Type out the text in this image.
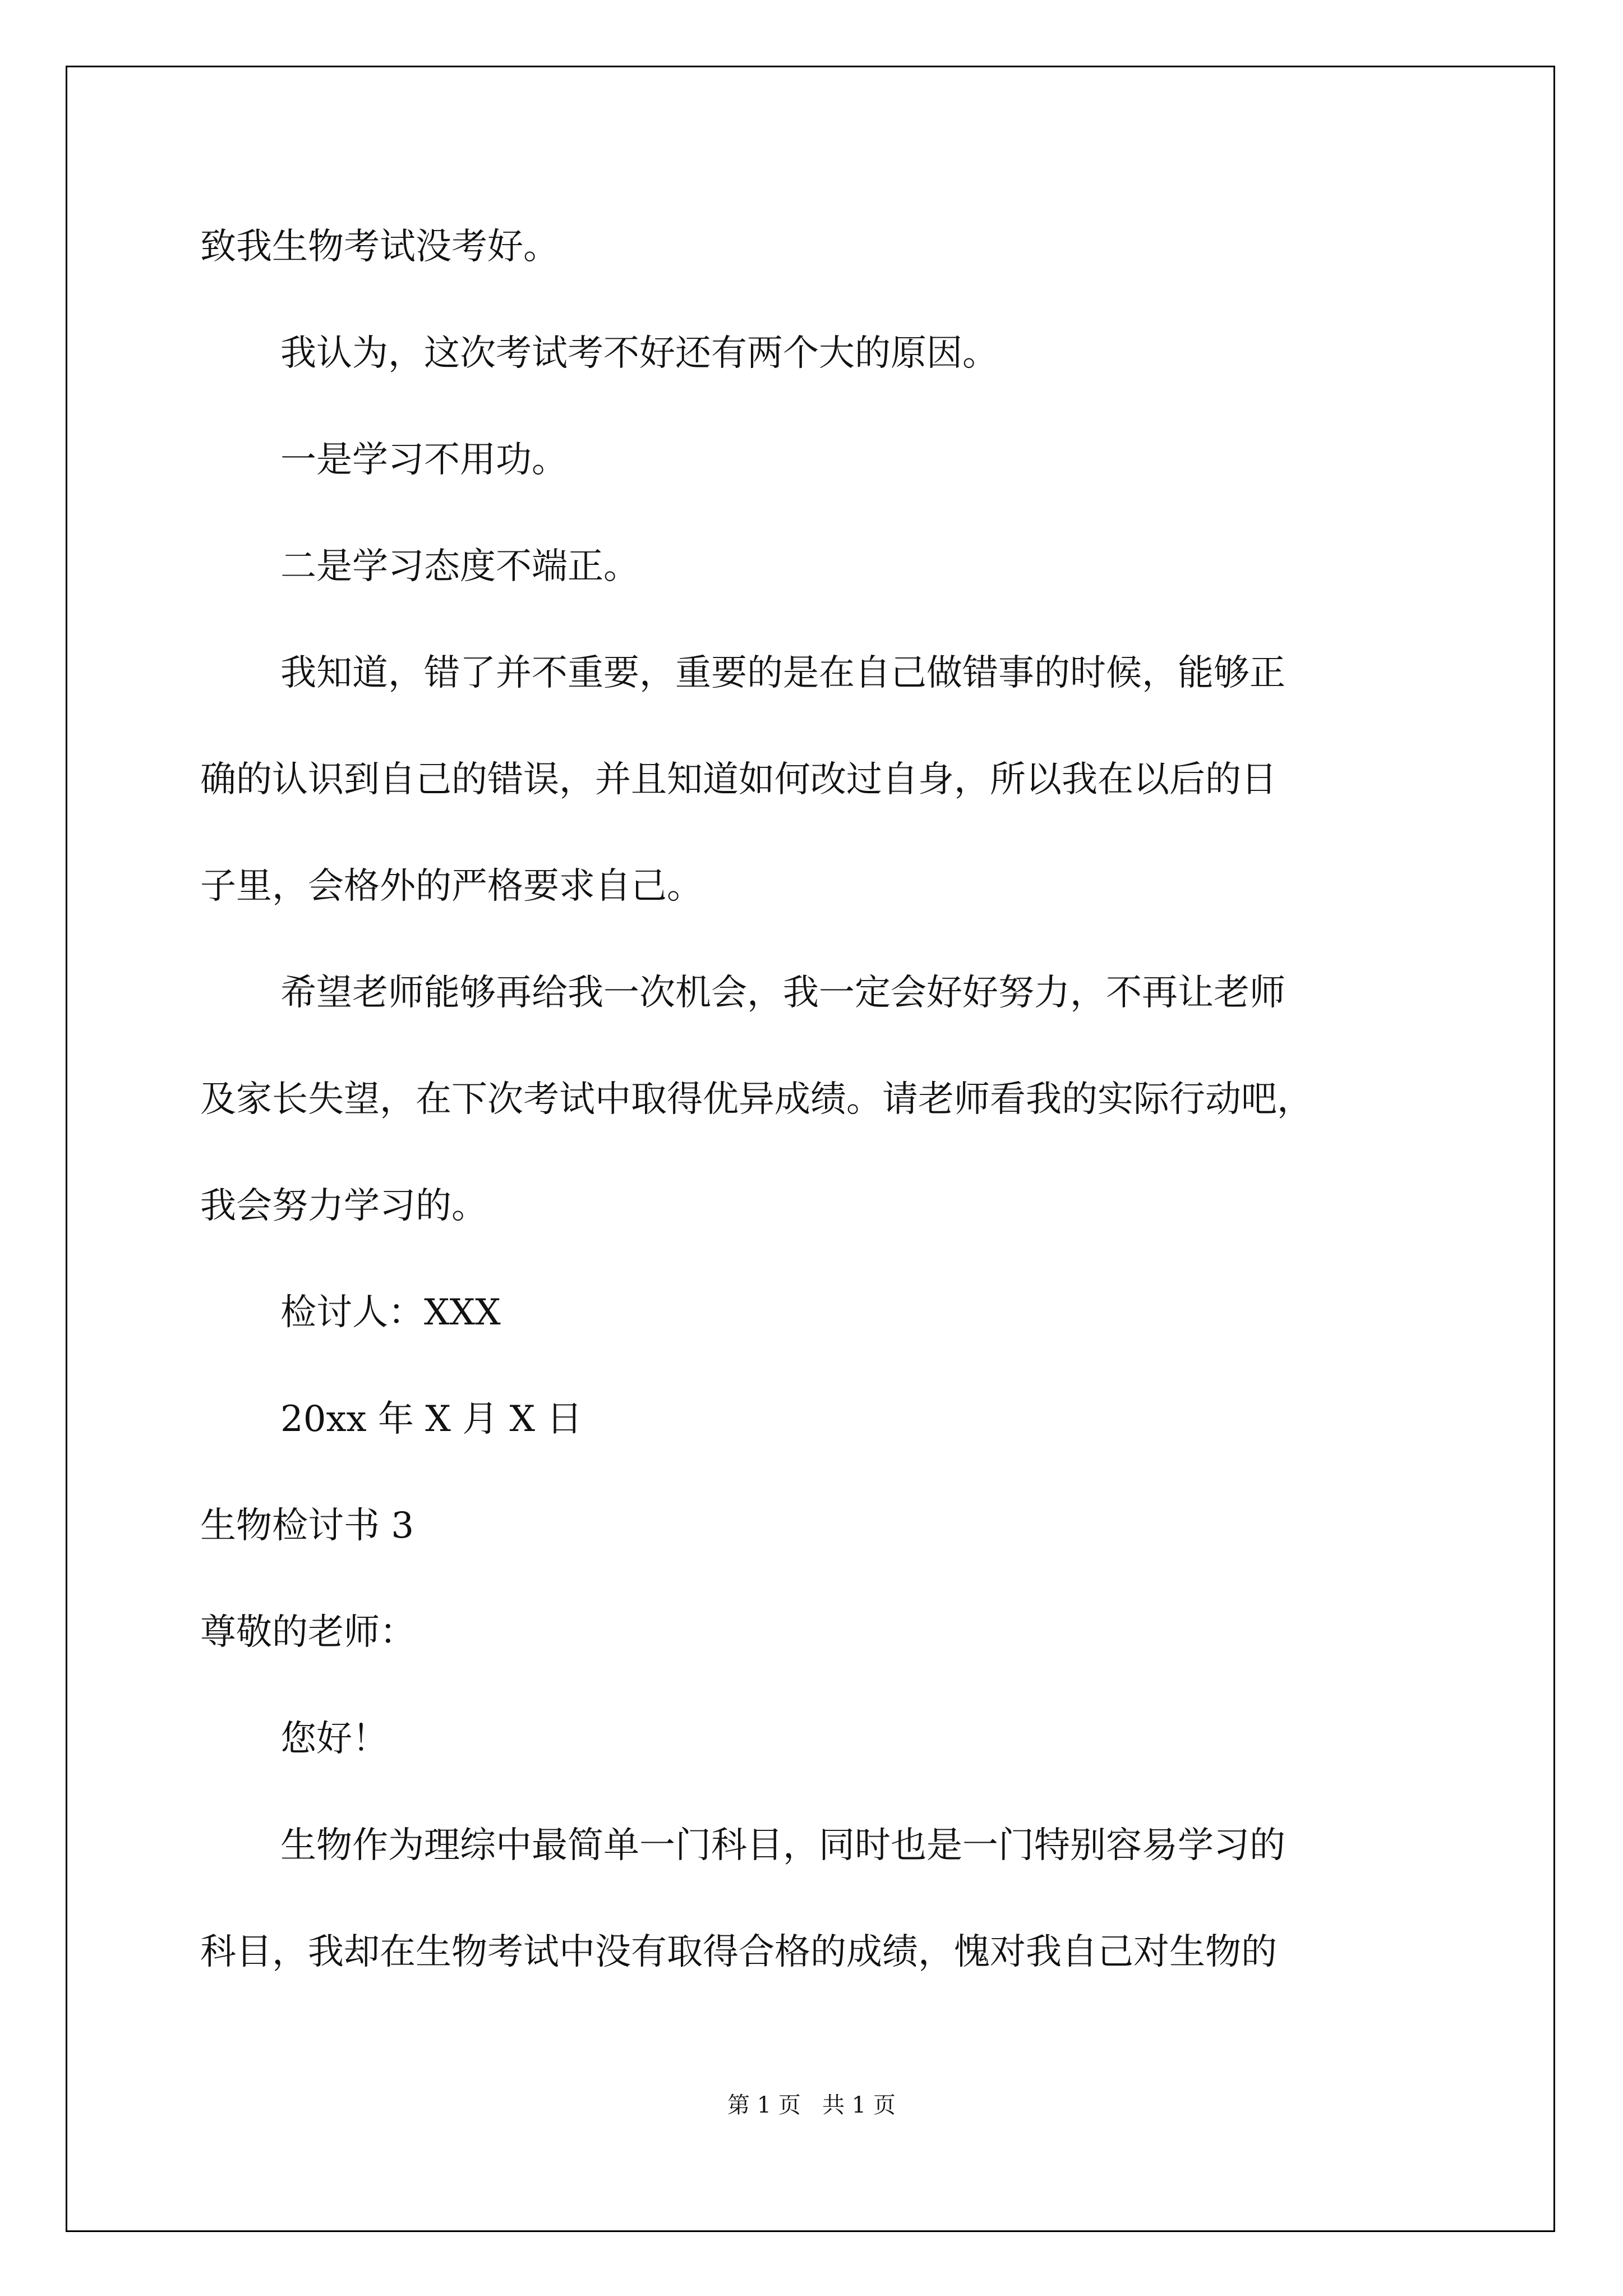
致我生物考试没考好。

我认为，这次考试考不好还有两个大的原因。

一是学习不用功。

二是学习态度不端正。

我知道，错了并不重要，重要的是在自己做错事的时候，能够正

确的认识到自己的错误，并且知道如何改过自身，所以我在以后的日

子里，会格外的严格要求自己。

希望老师能够再给我一次机会，我一定会好好努力，不再让老师

及家长失望，在下次考试中取得优异成绩。请老师看我的实际行动吧，

我会努力学习的。

检讨人：XXX

20xx 年 X 月 X 日

生物检讨书 3

尊敬的老师：

您好！

生物作为理综中最简单一门科目，同时也是一门特别容易学习的

科目，我却在生物考试中没有取得合格的成绩，愧对我自己对生物的

第 1 页   共 1 页
